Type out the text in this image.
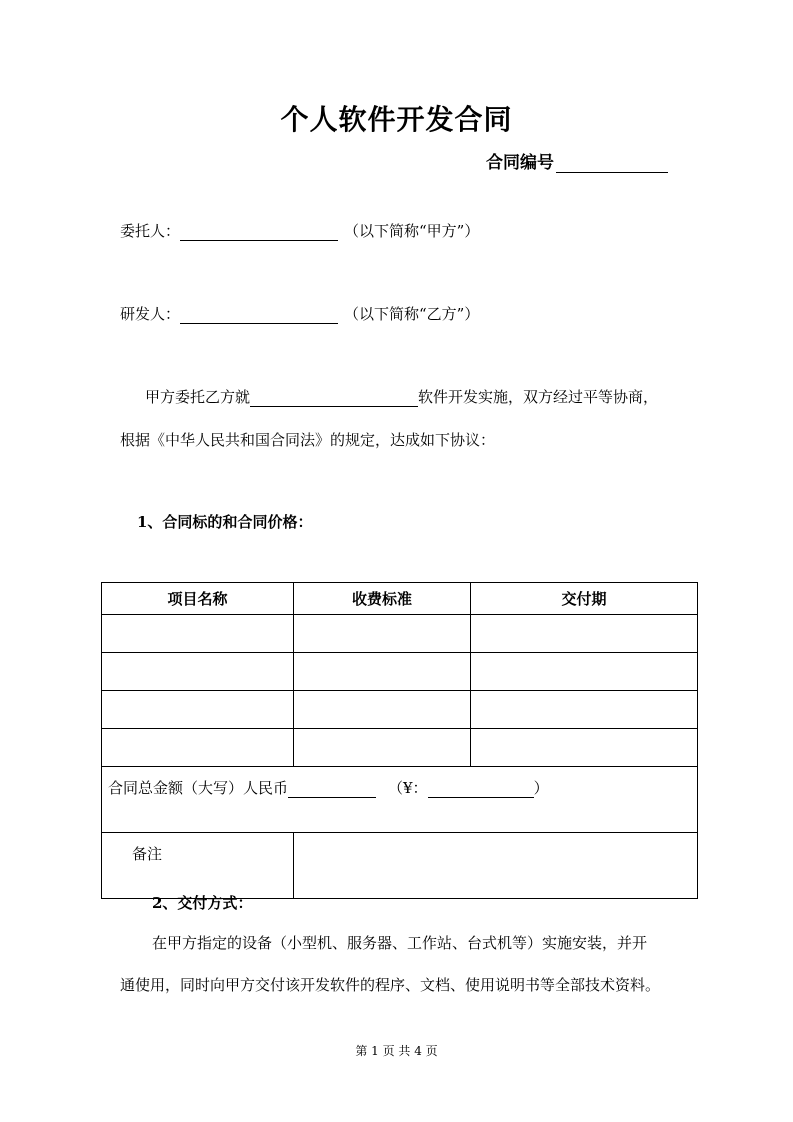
个人软件开发合同
合同编号
委托人：	（以下简称“甲方”）
研发人：	（以下简称“乙方”）
甲方委托乙方就	软件开发实施，双方经过平等协商，
根据《中华人民共和国合同法》的规定，达成如下协议：
1、合同标的和合同价格：
项目名称	收费标准	交付期

合同总金额（大写）人民币 （¥： ）		
备注		
2、交付方式：
在甲方指定的设备（小型机、服务器、工作站、台式机等）实施安装，并开
通使用，同时向甲方交付该开发软件的程序、文档、使用说明书等全部技术资料。
第 1 页 共 4 页
